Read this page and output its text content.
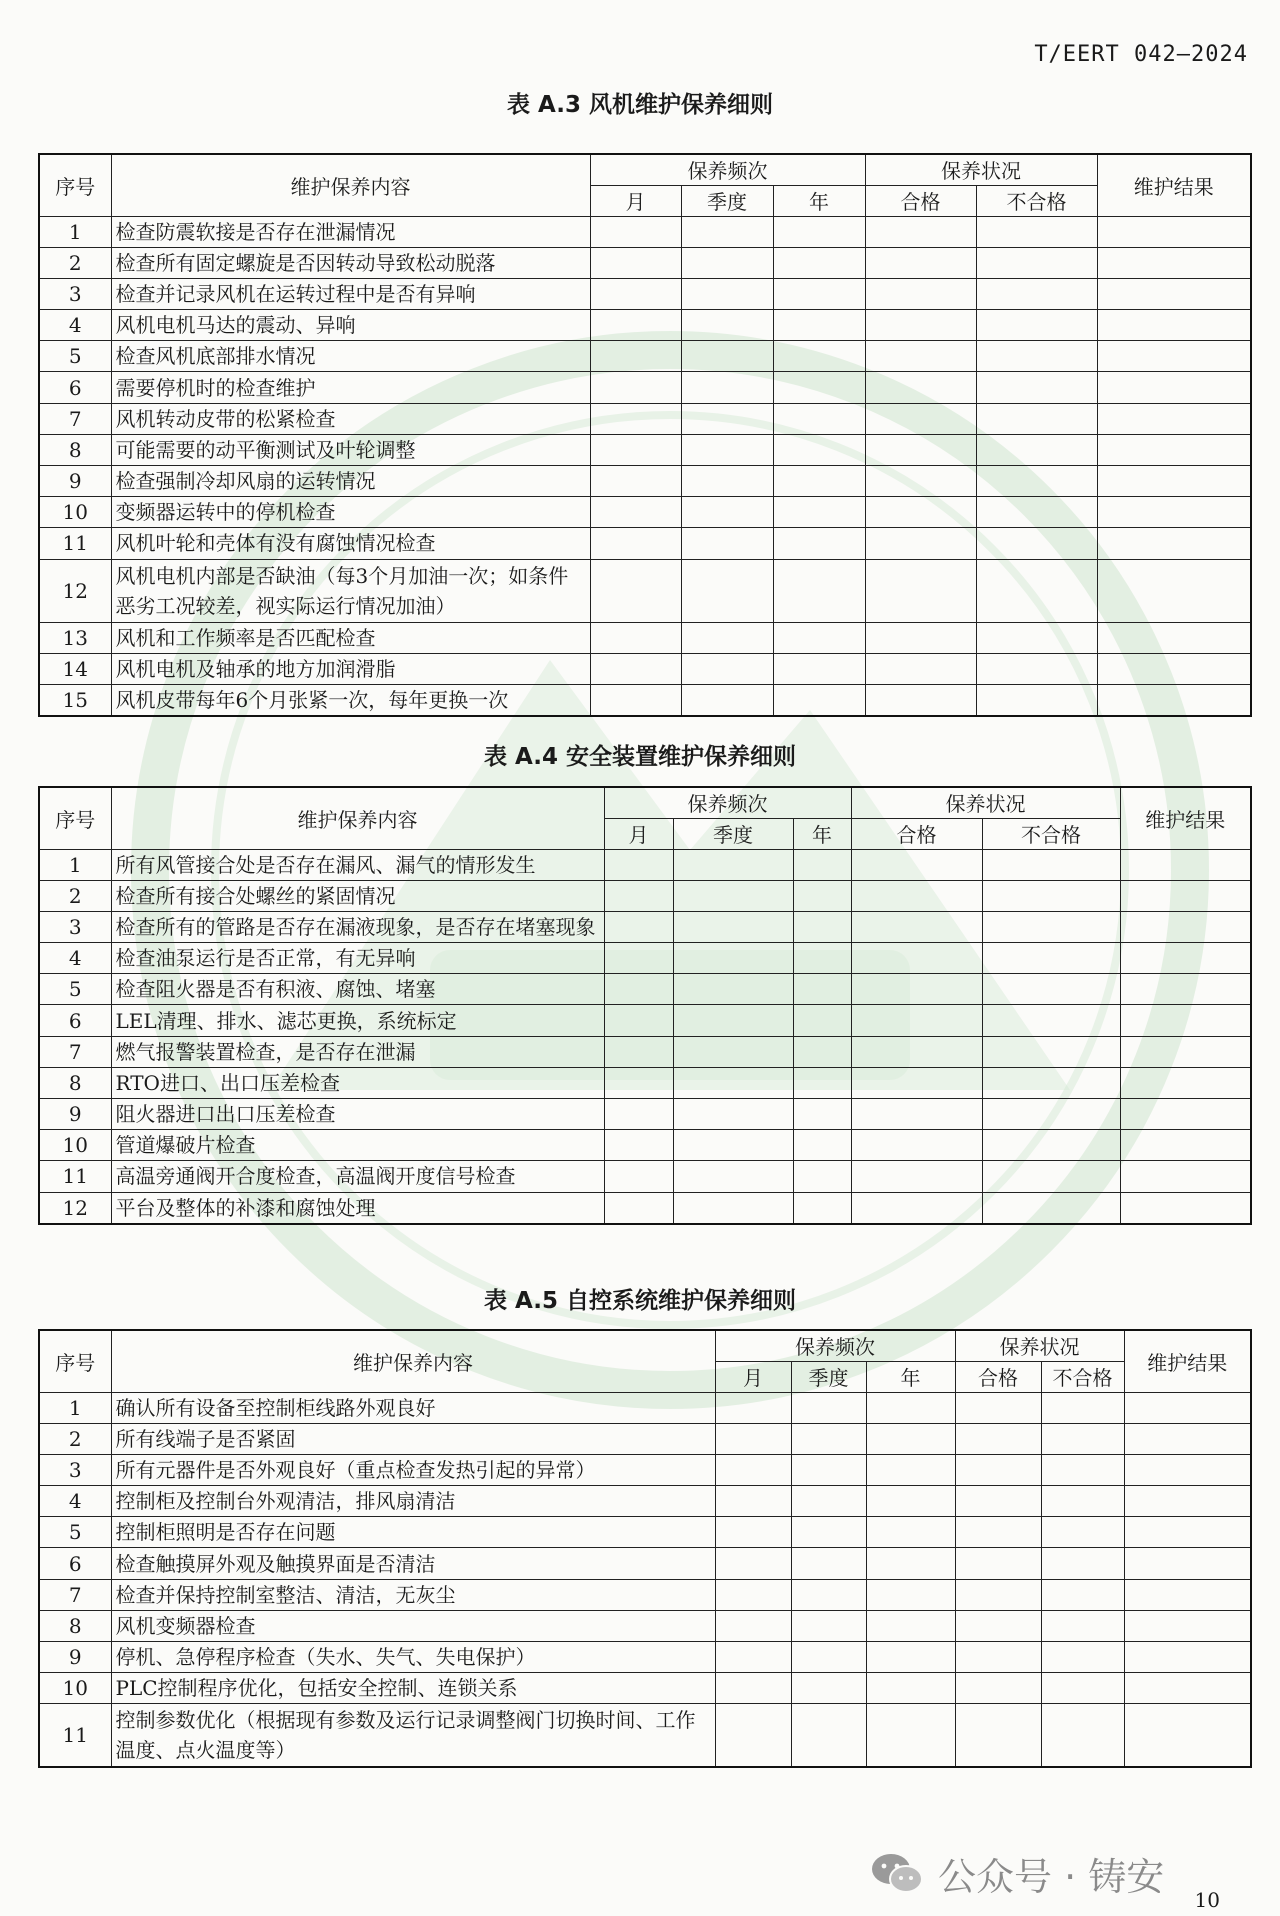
T/EERT 042—2024
表 A.3 风机维护保养细则
序号	维护保养内容	保养频次			保养状况		维护结果
		月	季度	年	合格	不合格	
1	检查防震软接是否存在泄漏情况						
2	检查所有固定螺旋是否因转动导致松动脱落						
3	检查并记录风机在运转过程中是否有异响						
4	风机电机马达的震动、异响						
5	检查风机底部排水情况						
6	需要停机时的检查维护						
7	风机转动皮带的松紧检查						
8	可能需要的动平衡测试及叶轮调整						
9	检查强制冷却风扇的运转情况						
10	变频器运转中的停机检查						
11	风机叶轮和壳体有没有腐蚀情况检查						
12	风机电机内部是否缺油（每3个月加油一次；如条件恶劣工况较差，视实际运行情况加油）						
13	风机和工作频率是否匹配检查						
14	风机电机及轴承的地方加润滑脂						
15	风机皮带每年6个月张紧一次，每年更换一次						
表 A.4 安全装置维护保养细则
序号	维护保养内容	保养频次			保养状况		维护结果
		月	季度	年	合格	不合格	
1	所有风管接合处是否存在漏风、漏气的情形发生						
2	检查所有接合处螺丝的紧固情况						
3	检查所有的管路是否存在漏液现象，是否存在堵塞现象						
4	检查油泵运行是否正常，有无异响						
5	检查阻火器是否有积液、腐蚀、堵塞						
6	LEL清理、排水、滤芯更换，系统标定						
7	燃气报警装置检查，是否存在泄漏						
8	RTO进口、出口压差检查						
9	阻火器进口出口压差检查						
10	管道爆破片检查						
11	高温旁通阀开合度检查，高温阀开度信号检查						
12	平台及整体的补漆和腐蚀处理						
表 A.5 自控系统维护保养细则
序号	维护保养内容	保养频次			保养状况		维护结果
		月	季度	年	合格	不合格	
1	确认所有设备至控制柜线路外观良好						
2	所有线端子是否紧固						
3	所有元器件是否外观良好（重点检查发热引起的异常）						
4	控制柜及控制台外观清洁，排风扇清洁						
5	控制柜照明是否存在问题						
6	检查触摸屏外观及触摸界面是否清洁						
7	检查并保持控制室整洁、清洁，无灰尘						
8	风机变频器检查						
9	停机、急停程序检查（失水、失气、失电保护）						
10	PLC控制程序优化，包括安全控制、连锁关系						
11	控制参数优化（根据现有参数及运行记录调整阀门切换时间、工作温度、点火温度等）						
公众号 · 铸安
10
